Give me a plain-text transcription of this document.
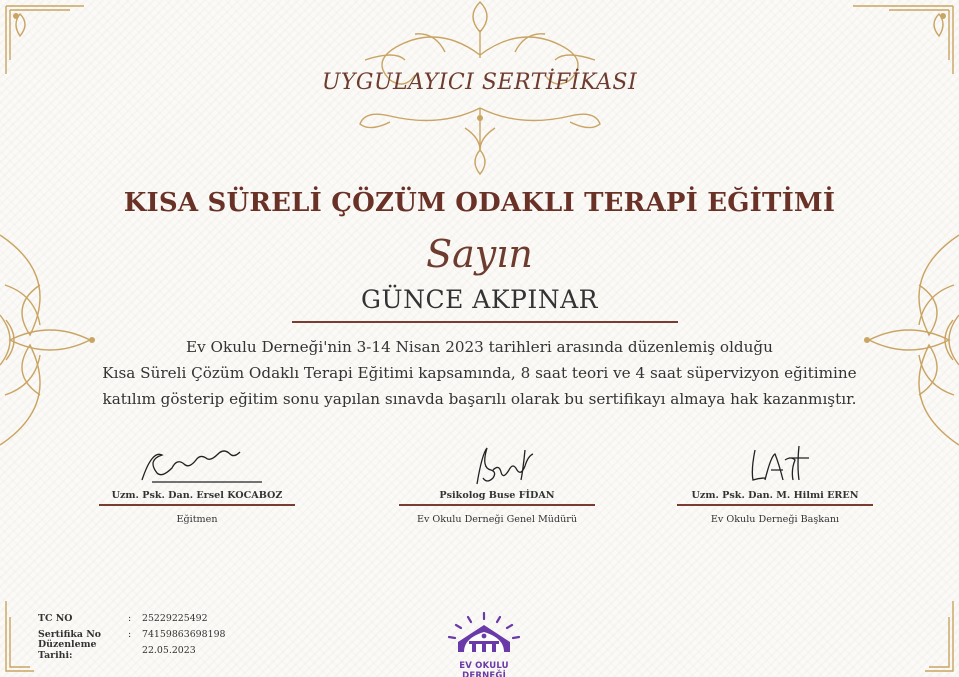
UYGULAYICI SERTİFİKASI
KISA SÜRELİ ÇÖZÜM ODAKLI TERAPİ EĞİTİMİ
Sayın
GÜNCE AKPINAR
Ev Okulu Derneği'nin 3-14 Nisan 2023 tarihleri arasında düzenlemiş olduğu
Kısa Süreli Çözüm Odaklı Terapi Eğitimi kapsamında, 8 saat teori ve 4 saat süpervizyon eğitimine
katılım gösterip eğitim sonu yapılan sınavda başarılı olarak bu sertifikayı almaya hak kazanmıştır.
Uzm. Psk. Dan. Ersel KOCABOZ
Eğitmen
Psikolog Buse FİDAN
Ev Okulu Derneği Genel Müdürü
Uzm. Psk. Dan. M. Hilmi EREN
Ev Okulu Derneği Başkanı
TC NO	:	25229225492
Sertifika No	:	74159863698198
Düzenleme Tarihi:	22.05.2023
EV OKULU DERNEĞİ
